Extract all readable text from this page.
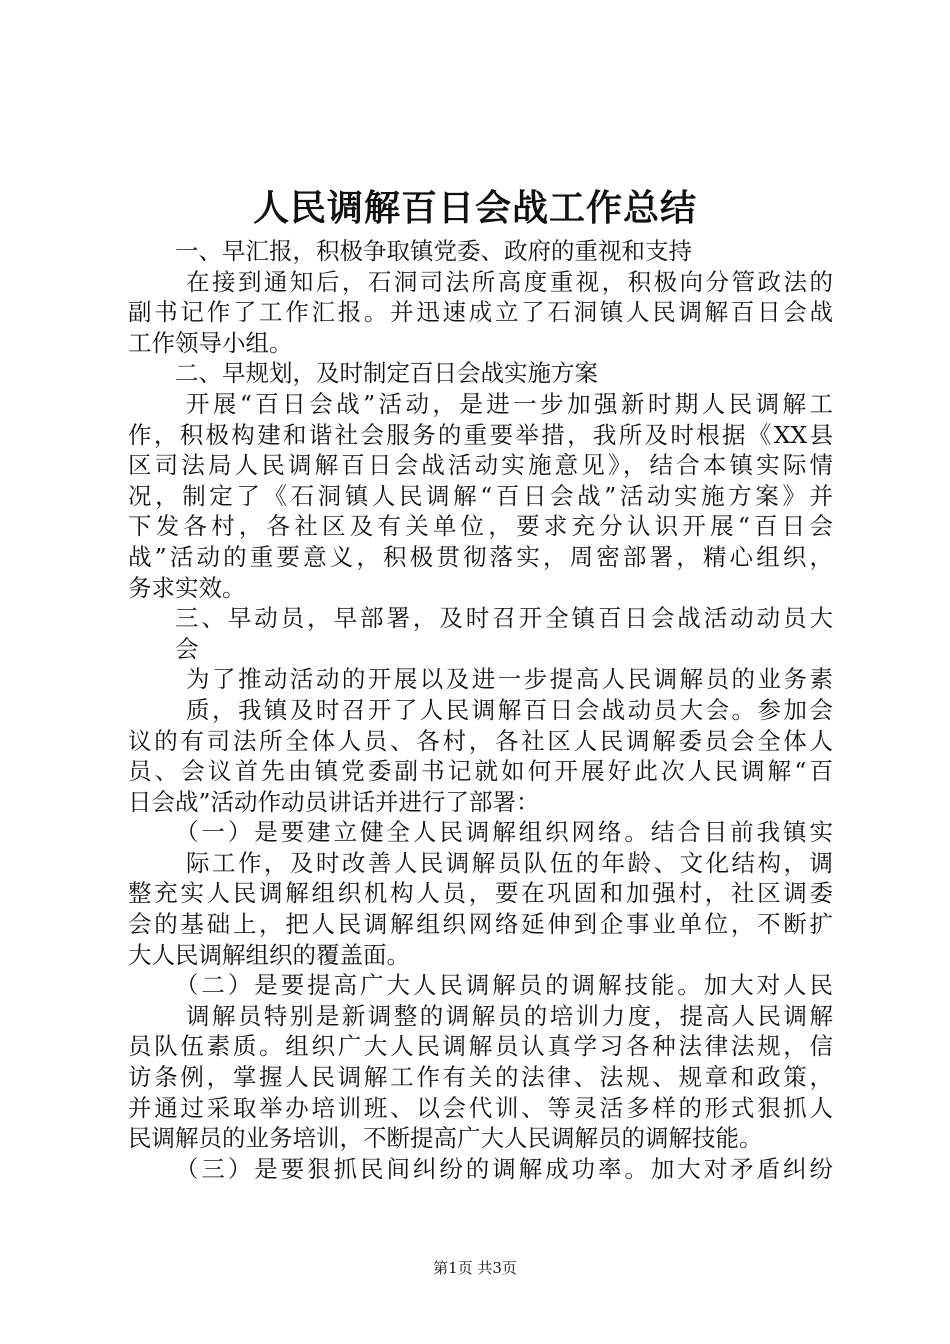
人民调解百日会战工作总结
一、早汇报，积极争取镇党委、政府的重视和支持
在接到通知后，石洞司法所高度重视，积极向分管政法的
副书记作了工作汇报。并迅速成立了石洞镇人民调解百日会战
工作领导小组。
二、早规划，及时制定百日会战实施方案
开展“百日会战”活动，是进一步加强新时期人民调解工
作，积极构建和谐社会服务的重要举措，我所及时根据《XX县
区司法局人民调解百日会战活动实施意见》，结合本镇实际情
况，制定了《石洞镇人民调解“百日会战”活动实施方案》并
下发各村，各社区及有关单位，要求充分认识开展“百日会
战”活动的重要意义，积极贯彻落实，周密部署，精心组织，
务求实效。
三、早动员，早部署，及时召开全镇百日会战活动动员大
会
为了推动活动的开展以及进一步提高人民调解员的业务素
质，我镇及时召开了人民调解百日会战动员大会。参加会
议的有司法所全体人员、各村，各社区人民调解委员会全体人
员、会议首先由镇党委副书记就如何开展好此次人民调解“百
日会战”活动作动员讲话并进行了部署：
（一）是要建立健全人民调解组织网络。结合目前我镇实
际工作，及时改善人民调解员队伍的年龄、文化结构，调
整充实人民调解组织机构人员，要在巩固和加强村，社区调委
会的基础上，把人民调解组织网络延伸到企事业单位，不断扩
大人民调解组织的覆盖面。
（二）是要提高广大人民调解员的调解技能。加大对人民
调解员特别是新调整的调解员的培训力度，提高人民调解
员队伍素质。组织广大人民调解员认真学习各种法律法规，信
访条例，掌握人民调解工作有关的法律、法规、规章和政策，
并通过采取举办培训班、以会代训、等灵活多样的形式狠抓人
民调解员的业务培训，不断提高广大人民调解员的调解技能。
（三）是要狠抓民间纠纷的调解成功率。加大对矛盾纠纷
第1页 共3页
